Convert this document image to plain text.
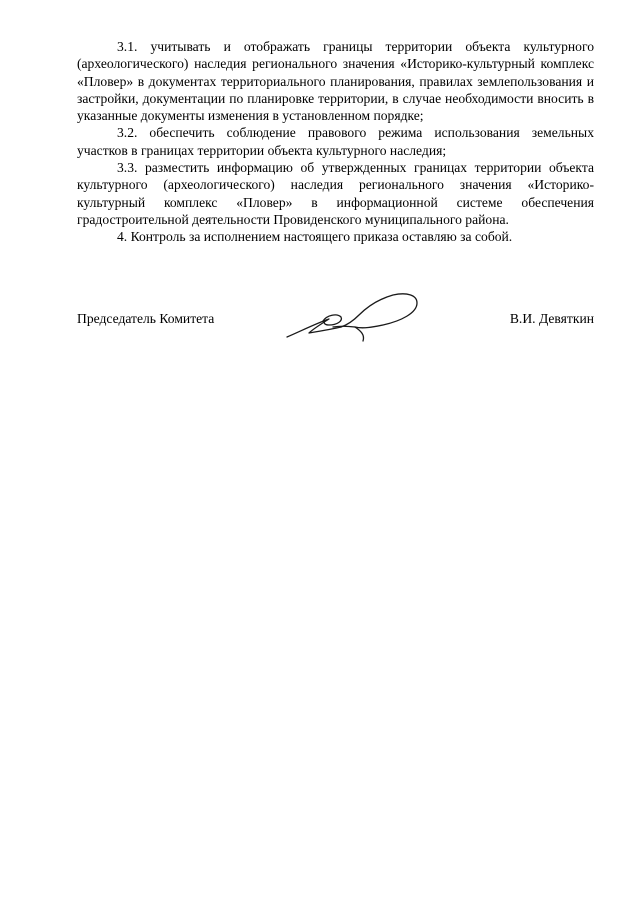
3.1. учитывать и отображать границы территории объекта культурного (археологического) наследия регионального значения «Историко-культурный комплекс «Пловер» в документах территориального планирования, правилах землепользования и застройки, документации по планировке территории, в случае необходимости вносить в указанные документы изменения в установленном порядке;

3.2. обеспечить соблюдение правового режима использования земельных участков в границах территории объекта культурного наследия;

3.3. разместить информацию об утвержденных границах территории объекта культурного (археологического) наследия регионального значения «Историко-культурный комплекс «Пловер» в информационной системе обеспечения градостроительной деятельности Провиденского муниципального района.

4. Контроль за исполнением настоящего приказа оставляю за собой.

Председатель Комитета	В.И. Девяткин
